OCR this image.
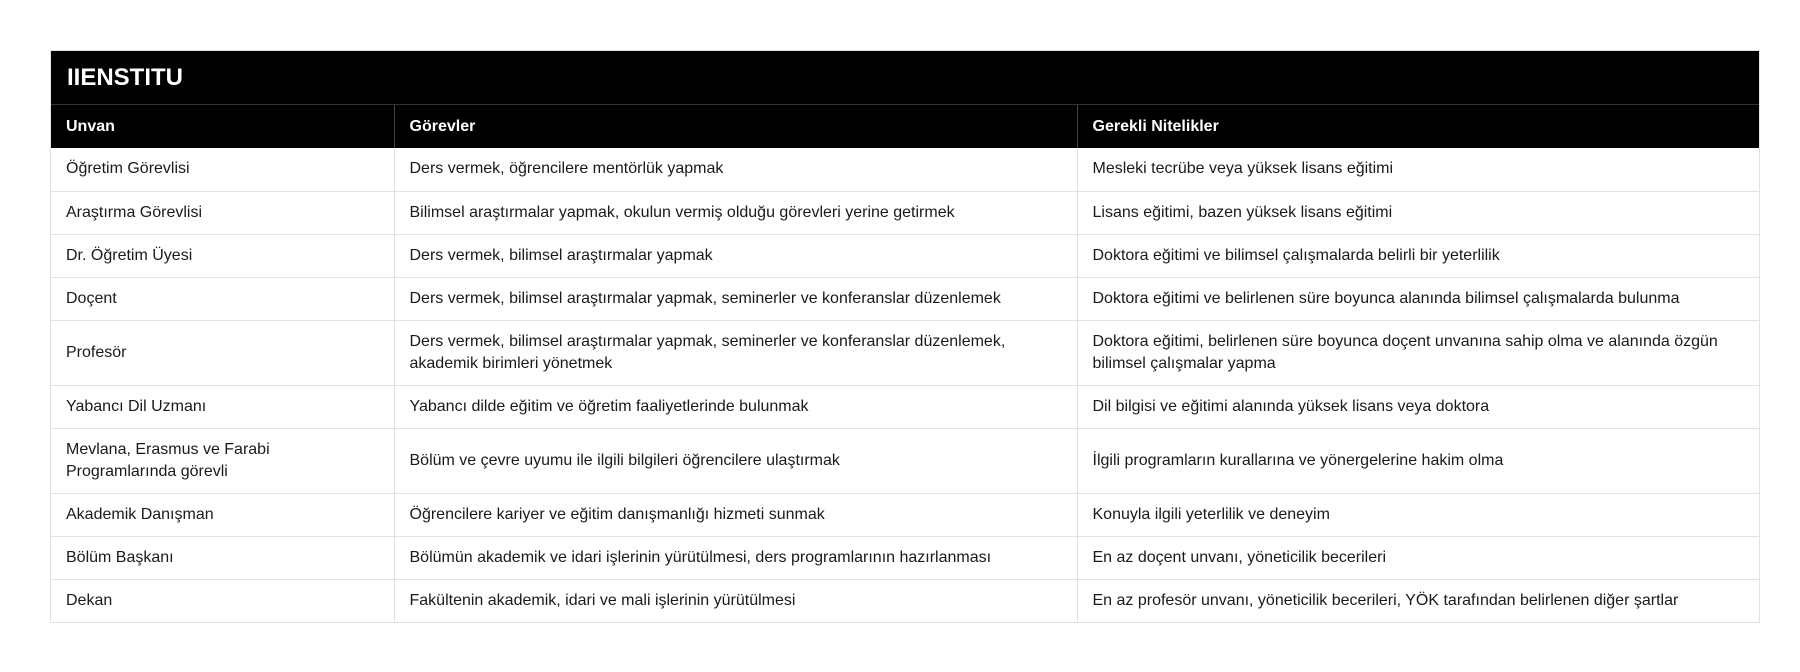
IIENSTITU
Unvan	Görevler	Gerekli Nitelikler
Öğretim Görevlisi	Ders vermek, öğrencilere mentörlük yapmak	Mesleki tecrübe veya yüksek lisans eğitimi
Araştırma Görevlisi	Bilimsel araştırmalar yapmak, okulun vermiş olduğu görevleri yerine getirmek	Lisans eğitimi, bazen yüksek lisans eğitimi
Dr. Öğretim Üyesi	Ders vermek, bilimsel araştırmalar yapmak	Doktora eğitimi ve bilimsel çalışmalarda belirli bir yeterlilik
Doçent	Ders vermek, bilimsel araştırmalar yapmak, seminerler ve konferanslar düzenlemek	Doktora eğitimi ve belirlenen süre boyunca alanında bilimsel çalışmalarda bulunma
Profesör	Ders vermek, bilimsel araştırmalar yapmak, seminerler ve konferanslar düzenlemek, akademik birimleri yönetmek	Doktora eğitimi, belirlenen süre boyunca doçent unvanına sahip olma ve alanında özgün bilimsel çalışmalar yapma
Yabancı Dil Uzmanı	Yabancı dilde eğitim ve öğretim faaliyetlerinde bulunmak	Dil bilgisi ve eğitimi alanında yüksek lisans veya doktora
Mevlana, Erasmus ve Farabi Programlarında görevli	Bölüm ve çevre uyumu ile ilgili bilgileri öğrencilere ulaştırmak	İlgili programların kurallarına ve yönergelerine hakim olma
Akademik Danışman	Öğrencilere kariyer ve eğitim danışmanlığı hizmeti sunmak	Konuyla ilgili yeterlilik ve deneyim
Bölüm Başkanı	Bölümün akademik ve idari işlerinin yürütülmesi, ders programlarının hazırlanması	En az doçent unvanı, yöneticilik becerileri
Dekan	Fakültenin akademik, idari ve mali işlerinin yürütülmesi	En az profesör unvanı, yöneticilik becerileri, YÖK tarafından belirlenen diğer şartlar
